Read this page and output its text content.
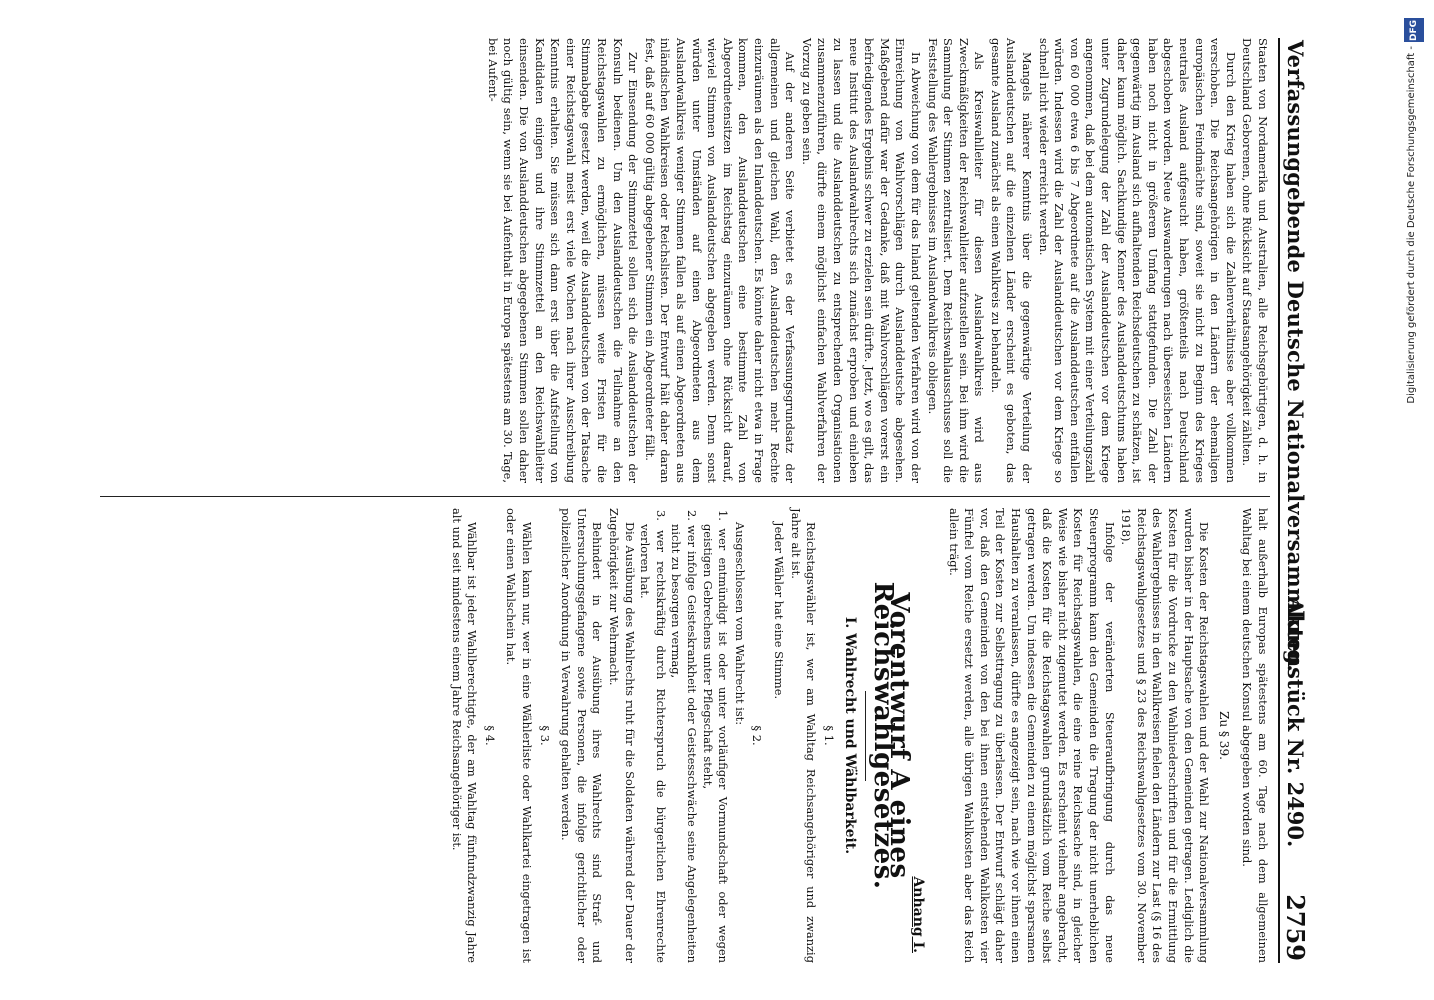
Verfassunggebende Deutsche Nationalversammlung.
Aktenstück Nr. 2490.
2759

Staaten von Nordamerika und Australien, alle Reichsgebürtigen, d. h. in Deutschland Geborenen, ohne Rücksicht auf Staatsangehörigkeit zählten.

Durch den Krieg haben sich die Zahlenverhältnisse aber vollkommen verschoben. Die Reichsangehörigen in den Ländern der ehemaligen europäischen Feindmächte sind, soweit sie nicht zu Beginn des Krieges neutrales Ausland aufgesucht haben, größtenteils nach Deutschland abgeschoben worden. Neue Auswanderungen nach überseeischen Ländern haben noch nicht in größerem Umfang stattgefunden. Die Zahl der gegenwärtig im Ausland sich aufhaltenden Reichsdeutschen zu schätzen, ist daher kaum möglich. Sachkundige Kenner des Auslanddeutschtums haben unter Zugrundelegung der Zahl der Auslanddeutschen vor dem Kriege angenommen, daß bei dem automatischen System mit einer Verteilungszahl von 60 000 etwa 6 bis 7 Abgeordnete auf die Auslanddeutschen entfallen würden. Indessen wird die Zahl der Auslanddeutschen vor dem Kriege so schnell nicht wieder erreicht werden.

Mangels näherer Kenntnis über die gegenwärtige Verteilung der Auslanddeutschen auf die einzelnen Länder erscheint es geboten, das gesamte Ausland zunächst als einen Wahlkreis zu behandeln.

Als Kreiswahlleiter für diesen Auslandwahlkreis wird aus Zweckmäßigkeiten der Reichswahlleiter aufzustellen sein. Bei ihm wird die Sammlung der Stimmen zentralisiert. Dem Reichswahlausschusse soll die Feststellung des Wahlergebnisses im Auslandwahlkreis obliegen.

In Abweichung von dem für das Inland geltenden Verfahren wird von der Einreichung von Wahlvorschlägen durch Auslanddeutsche abgesehen. Maßgebend dafür war der Gedanke, daß mit Wahlvorschlägen vorerst ein befriedigendes Ergebnis schwer zu erzielen sein dürfte. Jetzt, wo es gilt, das neue Institut des Auslandwahlrechts sich zunächst erproben und einleben zu lassen und die Auslanddeutschen zu entsprechenden Organisationen zusammenzuführen, dürfte einem möglichst einfachen Wahlverfahren der Vorzug zu geben sein.

Auf der anderen Seite verbietet es der Verfassungsgrundsatz der allgemeinen und gleichen Wahl, den Auslanddeutschen mehr Rechte einzuräumen als den Inlanddeutschen. Es könnte daher nicht etwa in Frage kommen, den Auslanddeutschen eine bestimmte Zahl von Abgeordnetensitzen im Reichstag einzuräumen ohne Rücksicht darauf, wieviel Stimmen von Auslanddeutschen abgegeben werden. Denn sonst würden unter Umständen auf einen Abgeordneten aus dem Auslandwahlkreis weniger Stimmen fallen als auf einen Abgeordneten aus inländischen Wahlkreisen oder Reichslisten. Der Entwurf hält daher daran fest, daß auf 60 000 gültig abgegebener Stimmen ein Abgeordneter fällt.

Zur Einsendung der Stimmzettel sollen sich die Auslanddeutschen der Konsuln bedienen. Um den Auslanddeutschen die Teilnahme an den Reichstagswahlen zu ermöglichen, müssen weite Fristen für die Stimmabgabe gesetzt werden, weil die Auslanddeutschen von der Tatsache einer Reichstagswahl meist erst viele Wochen nach ihrer Ausschreibung Kenntnis erhalten. Sie müssen sich dann erst über die Aufstellung von Kandidaten einigen und ihre Stimmzettel an den Reichswahlleiter einsenden. Die von Auslanddeutschen abgegebenen Stimmen sollen daher noch gültig sein, wenn sie bei Aufenthalt in Europa spätestens am 30. Tage, bei Aufent-

halt außerhalb Europas spätestens am 60. Tage nach dem allgemeinen Wahltag bei einem deutschen Konsul abgegeben worden sind.

Zu § 39.

Die Kosten der Reichstagswahlen und der Wahl zur Nationalversammlung wurden bisher in der Hauptsache von den Gemeinden getragen. Lediglich die Kosten für die Vordrucke zu den Wahlniederschriften und für die Ermittlung des Wahlergebnisses in den Wahlkreisen fielen den Ländern zur Last (§ 16 des Reichstagswahlgesetzes und § 23 des Reichswahlgesetzes vom 30. November 1918).

Infolge der veränderten Steueraufbringung durch das neue Steuerprogramm kann den Gemeinden die Tragung der nicht unerheblichen Kosten für Reichstagswahlen, die eine reine Reichssache sind, in gleicher Weise wie bisher nicht zugemutet werden. Es erscheint vielmehr angebracht, daß die Kosten für die Reichstagswahlen grundsätzlich vom Reiche selbst getragen werden. Um indessen die Gemeinden zu einem möglichst sparsamen Haushalten zu veranlassen, dürfte es angezeigt sein, nach wie vor ihnen einen Teil der Kosten zur Selbsttragung zu überlassen. Der Entwurf schlägt daher vor, daß den Gemeinden von den bei ihnen entstehenden Wahlkosten vier Fünftel vom Reiche ersetzt werden, alle übrigen Wahlkosten aber das Reich allein trägt.

Anhang I.
Vorentwurf A eines Reichswahlgesetzes.
I. Wahlrecht und Wählbarkeit.
§ 1.

Reichstagswähler ist, wer am Wahltag Reichsangehöriger und zwanzig Jahre alt ist.

Jeder Wähler hat eine Stimme.

§ 2.

Ausgeschlossen vom Wahlrecht ist:

1. wer entmündigt ist oder unter vorläufiger Vormundschaft oder wegen geistigen Gebrechens unter Pflegschaft steht,

2. wer infolge Geisteskrankheit oder Geistesschwäche seine Angelegenheiten nicht zu besorgen vermag,

3. wer rechtskräftig durch Richterspruch die bürgerlichen Ehrenrechte verloren hat.

Die Ausübung des Wahlrechts ruht für die Soldaten während der Dauer der Zugehörigkeit zur Wehrmacht.

Behindert in der Ausübung ihres Wahlrechts sind Straf- und Untersuchungsgefangene sowie Personen, die infolge gerichtlicher oder polizeilicher Anordnung in Verwahrung gehalten werden.

§ 3.

Wählen kann nur, wer in eine Wählerliste oder Wahlkartei eingetragen ist oder einen Wahlschein hat.

§ 4.

Wählbar ist jeder Wahlberechtigte, der am Wahltag fünfundzwanzig Jahre alt und seit mindestens einem Jahre Reichsangehöriger ist.

DFG
Digitalisierung gefördert durch die Deutsche Forschungsgemeinschaft -
